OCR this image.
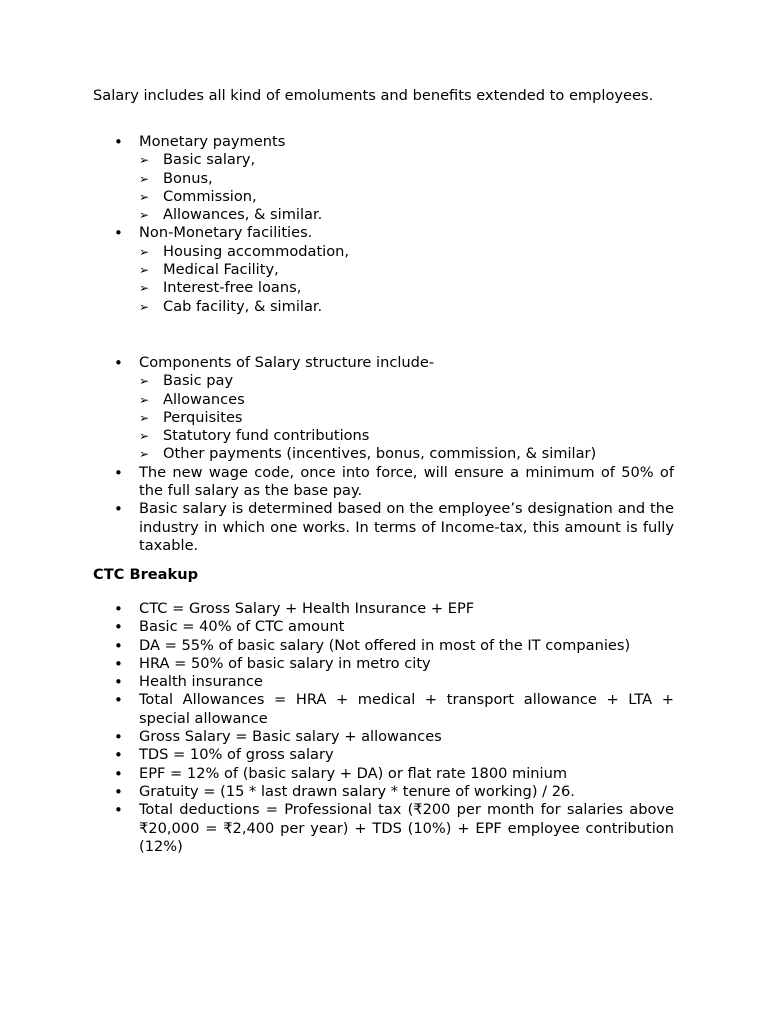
Salary includes all kind of emoluments and benefits extended to employees.

• Monetary payments
➢ Basic salary,
➢ Bonus,
➢ Commission,
➢ Allowances, & similar.
• Non-Monetary facilities.
➢ Housing accommodation,
➢ Medical Facility,
➢ Interest-free loans,
➢ Cab facility, & similar.
• Components of Salary structure include-
➢ Basic pay
➢ Allowances
➢ Perquisites
➢ Statutory fund contributions
➢ Other payments (incentives, bonus, commission, & similar)
• The new wage code, once into force, will ensure a minimum of 50% of the full salary as the base pay.
• Basic salary is determined based on the employee’s designation and the industry in which one works. In terms of Income-tax, this amount is fully taxable.
CTC Breakup
• CTC = Gross Salary + Health Insurance + EPF
• Basic = 40% of CTC amount
• DA = 55% of basic salary (Not offered in most of the IT companies)
• HRA = 50% of basic salary in metro city
• Health insurance
• Total Allowances = HRA + medical + transport allowance + LTA + special allowance
• Gross Salary = Basic salary + allowances
• TDS = 10% of gross salary
• EPF = 12% of (basic salary + DA) or flat rate 1800 minium
• Gratuity = (15 * last drawn salary * tenure of working) / 26.
• Total deductions = Professional tax (₹200 per month for salaries above ₹20,000 = ₹2,400 per year) + TDS (10%) + EPF employee contribution (12%)
